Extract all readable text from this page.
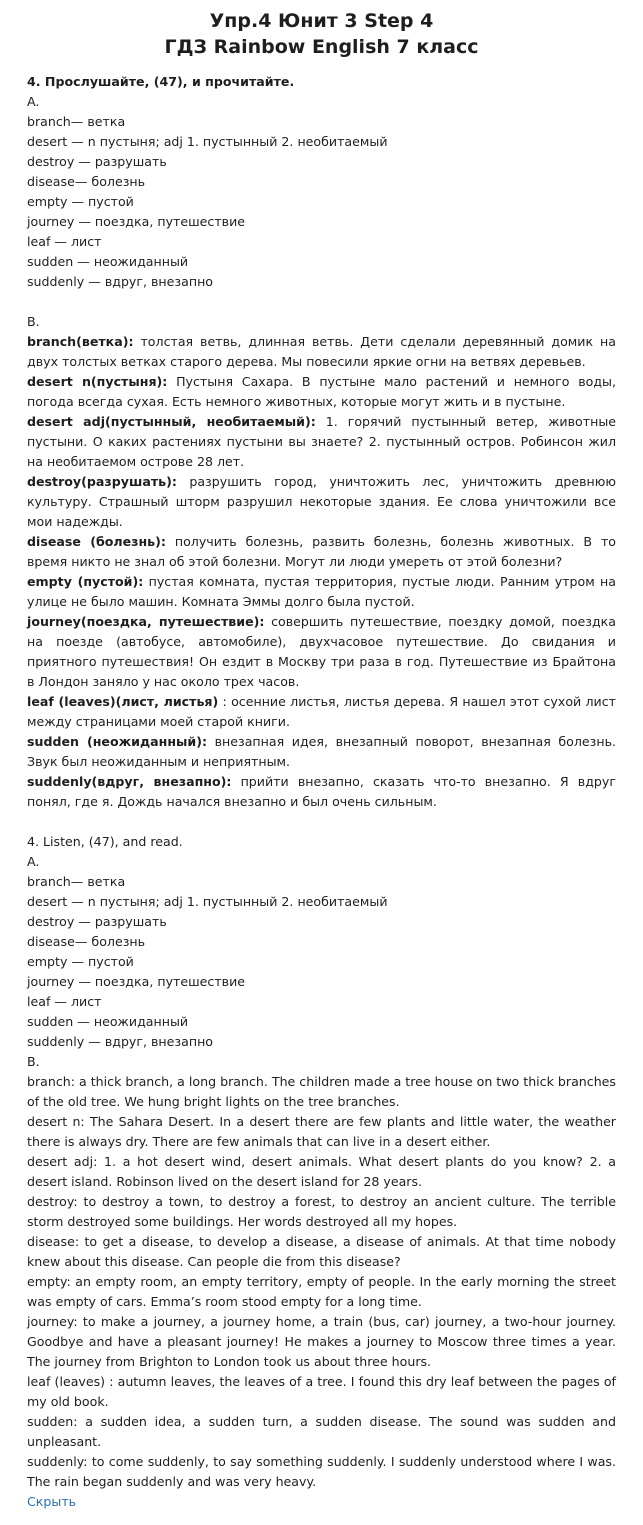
Упр.4 Юнит 3 Step 4
ГДЗ Rainbow English 7 класс
4. Прослушайте, (47), и прочитайте.
A.
branch— ветка
desert — n пустыня; adj 1. пустынный 2. необитаемый
destroy — разрушать
disease— болезнь
empty — пустой
journey — поездка, путешествие
leaf — лист
sudden — неожиданный
suddenly — вдруг, внезапно
B.
branch(ветка): толстая ветвь, длинная ветвь. Дети сделали деревянный домик на двух толстых ветках старого дерева. Мы повесили яркие огни на ветвях деревьев.
desert n(пустыня): Пустыня Сахара. В пустыне мало растений и немного воды, погода всегда сухая. Есть немного животных, которые могут жить и в пустыне.
desert adj(пустынный, необитаемый): 1. горячий пустынный ветер, животные пустыни. О каких растениях пустыни вы знаете? 2. пустынный остров. Робинсон жил на необитаемом острове 28 лет.
destroy(разрушать): разрушить город, уничтожить лес, уничтожить древнюю культуру. Страшный шторм разрушил некоторые здания. Ее слова уничтожили все мои надежды.
disease (болезнь): получить болезнь, развить болезнь, болезнь животных. В то время никто не знал об этой болезни. Могут ли люди умереть от этой болезни?
empty (пустой): пустая комната, пустая территория, пустые люди. Ранним утром на улице не было машин. Комната Эммы долго была пустой.
journey(поездка, путешествие): совершить путешествие, поездку домой, поездка на поезде (автобусе, автомобиле), двухчасовое путешествие. До свидания и приятного путешествия! Он ездит в Москву три раза в год. Путешествие из Брайтона в Лондон заняло у нас около трех часов.
leaf (leaves)(лист, листья) : осенние листья, листья дерева. Я нашел этот сухой лист между страницами моей старой книги.
sudden (неожиданный): внезапная идея, внезапный поворот, внезапная болезнь. Звук был неожиданным и неприятным.
suddenly(вдруг, внезапно): прийти внезапно, сказать что-то внезапно. Я вдруг понял, где я. Дождь начался внезапно и был очень сильным.
4. Listen, (47), and read.
A.
branch— ветка
desert — n пустыня; adj 1. пустынный 2. необитаемый
destroy — разрушать
disease— болезнь
empty — пустой
journey — поездка, путешествие
leaf — лист
sudden — неожиданный
suddenly — вдруг, внезапно
B.
branch: a thick branch, a long branch. The children made a tree house on two thick branches of the old tree. We hung bright lights on the tree branches.
desert n: The Sahara Desert. In a desert there are few plants and little water, the weather there is always dry. There are few animals that can live in a desert either.
desert adj: 1. a hot desert wind, desert animals. What desert plants do you know? 2. a desert island. Robinson lived on the desert island for 28 years.
destroy: to destroy a town, to destroy a forest, to destroy an ancient culture. The terrible storm destroyed some buildings. Her words destroyed all my hopes.
disease: to get a disease, to develop a disease, a disease of animals. At that time nobody knew about this disease. Can people die from this disease?
empty: an empty room, an empty territory, empty of people. In the early morning the street was empty of cars. Emma’s room stood empty for a long time.
journey: to make a journey, a journey home, a train (bus, car) journey, a two-hour journey. Goodbye and have a pleasant journey! He makes a journey to Moscow three times a year. The journey from Brighton to London took us about three hours.
leaf (leaves) : autumn leaves, the leaves of a tree. I found this dry leaf between the pages of my old book.
sudden: a sudden idea, a sudden turn, a sudden disease. The sound was sudden and unpleasant.
suddenly: to come suddenly, to say something suddenly. I suddenly understood where I was. The rain began suddenly and was very heavy.
Скрыть
